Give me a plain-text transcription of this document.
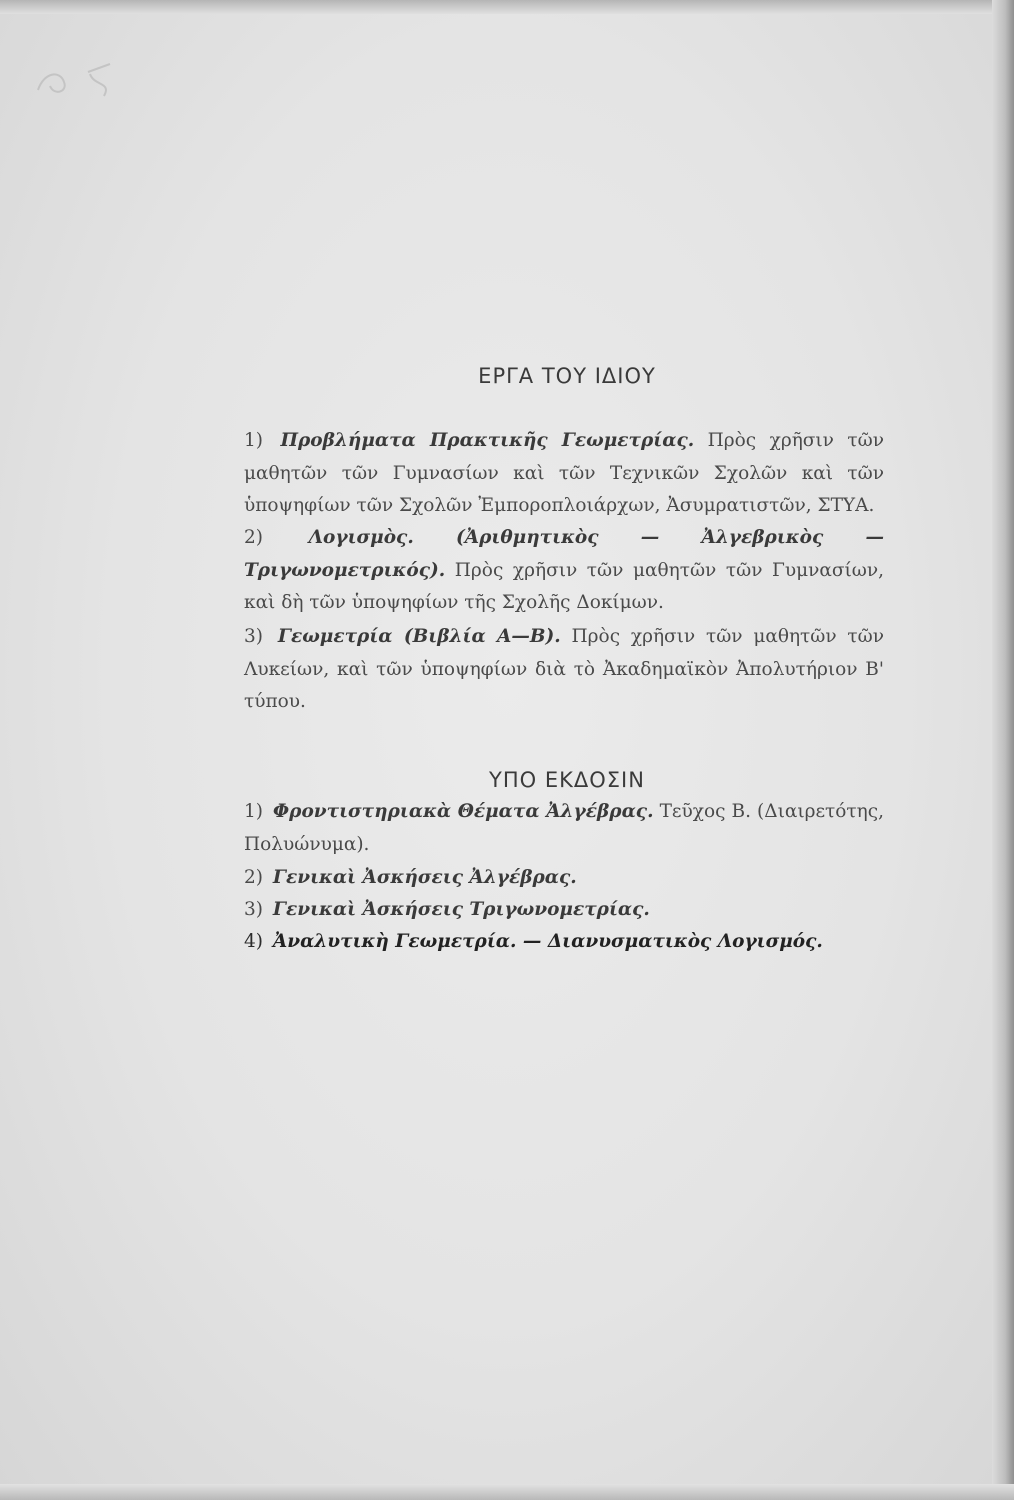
ΕΡΓΑ ΤΟΥ ΙΔΙΟΥ
1) Προβλήματα Πρακτικῆς Γεωμετρίας. Πρὸς χρῆσιν τῶν μαθητῶν τῶν Γυμνασίων καὶ τῶν Τεχνικῶν Σχολῶν καὶ τῶν ὑποψηφίων τῶν Σχολῶν Ἐμποροπλοιάρχων, Ἀσυμρατιστῶν, ΣΤΥΑ.
2) Λογισμὸς. (Ἀριθμητικὸς — Ἀλγεβρικὸς — Τριγωνομετρικός). Πρὸς χρῆσιν τῶν μαθητῶν τῶν Γυμνασίων, καὶ δὴ τῶν ὑποψηφίων τῆς Σχολῆς Δοκίμων.
3) Γεωμετρία (Βιβλία Α—Β). Πρὸς χρῆσιν τῶν μαθητῶν τῶν Λυκείων, καὶ τῶν ὑποψηφίων διὰ τὸ Ἀκαδημαϊκὸν Ἀπολυτήριον Β' τύπου.
ΥΠΟ ΕΚΔΟΣΙΝ
1) Φροντιστηριακὰ Θέματα Ἀλγέβρας. Τεῦχος Β. (Διαιρετότης, Πολυώνυμα).
2) Γενικαὶ Ἀσκήσεις Ἀλγέβρας.
3) Γενικαὶ Ἀσκήσεις Τριγωνομετρίας.
4) Ἀναλυτικὴ Γεωμετρία. — Διανυσματικὸς Λογισμός.
